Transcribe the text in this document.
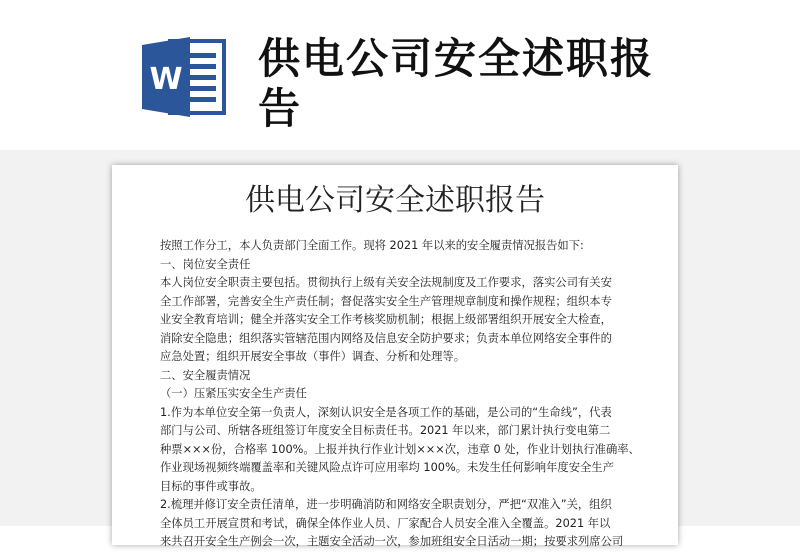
W 供电公司安全述职报
告
供电公司安全述职报告

按照工作分工，本人负责部门全面工作。现将 2021 年以来的安全履责情况报告如下:

一、岗位安全责任

本人岗位安全职责主要包括。贯彻执行上级有关安全法规制度及工作要求，落实公司有关安

全工作部署，完善安全生产责任制；督促落实安全生产管理规章制度和操作规程；组织本专

业安全教育培训；健全并落实安全工作考核奖励机制；根据上级部署组织开展安全大检查，

消除安全隐患；组织落实管辖范围内网络及信息安全防护要求；负责本单位网络安全事件的

应急处置；组织开展安全事故（事件）调查、分析和处理等。

二、安全履责情况

（一）压紧压实安全生产责任

1.作为本单位安全第一负责人，深刻认识安全是各项工作的基础，是公司的“生命线”，代表

部门与公司、所辖各班组签订年度安全目标责任书。2021 年以来，部门累计执行变电第二

种票×××份，合格率 100%。上报并执行作业计划×××次，违章 0 处，作业计划执行准确率、

作业现场视频终端覆盖率和关键风险点许可应用率均 100%。未发生任何影响年度安全生产

目标的事件或事故。

2.梳理并修订安全责任清单，进一步明确消防和网络安全职责划分，严把“双准入”关，组织

全体员工开展宣贯和考试，确保全体作业人员、厂家配合人员安全准入全覆盖。2021 年以

来共召开安全生产例会一次，主题安全活动一次，参加班组安全日活动一期；按要求列席公司
